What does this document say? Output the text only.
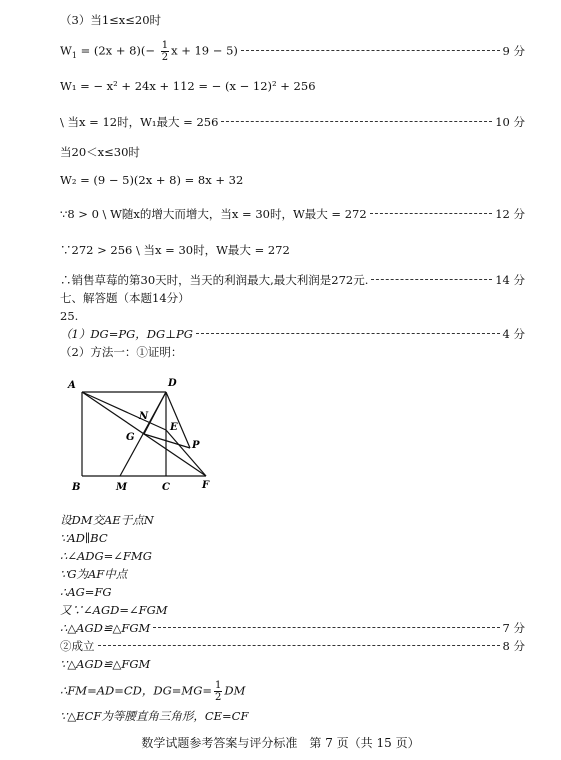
（3）当1≤x≤20时
$W_1 = (2x + 8)(- \frac{1}{2}$ x + 19 − 5)	9 分
W₁ = − x² + 24x + 112 = − (x − 12)² + 256
\ 当x = 12时，W₁最大 = 256	10 分
当20＜x≤30时
W₂ = (9 − 5)(2x + 8) = 8x + 32
∵8 > 0 \ W随x的增大而增大，当x = 30时，W最大 = 272	12 分
∵272 > 256 \ 当x = 30时，W最大 = 272
∴销售草莓的第30天时，当天的利润最大,最大利润是272元.	14 分
七、解答题（本题14分）
25.
（1）DG=PG，DG⊥PG	4 分
（2）方法一：①证明：
A	D
N
E
G
P
B	M	C	F
设DM交AE于点N
∵AD∥BC
∴∠ADG=∠FMG
∵G为AF中点
∴AG=FG
又∵∠AGD=∠FGM
∴△AGD≌△FGM	7 分
②成立	8 分
∵△AGD≌△FGM
∴FM=AD=CD，$DG=MG= \frac{1}{2}$ DM
∵△ECF为等腰直角三角形，CE=CF
数学试题参考答案与评分标准　第 7 页（共 15 页）
